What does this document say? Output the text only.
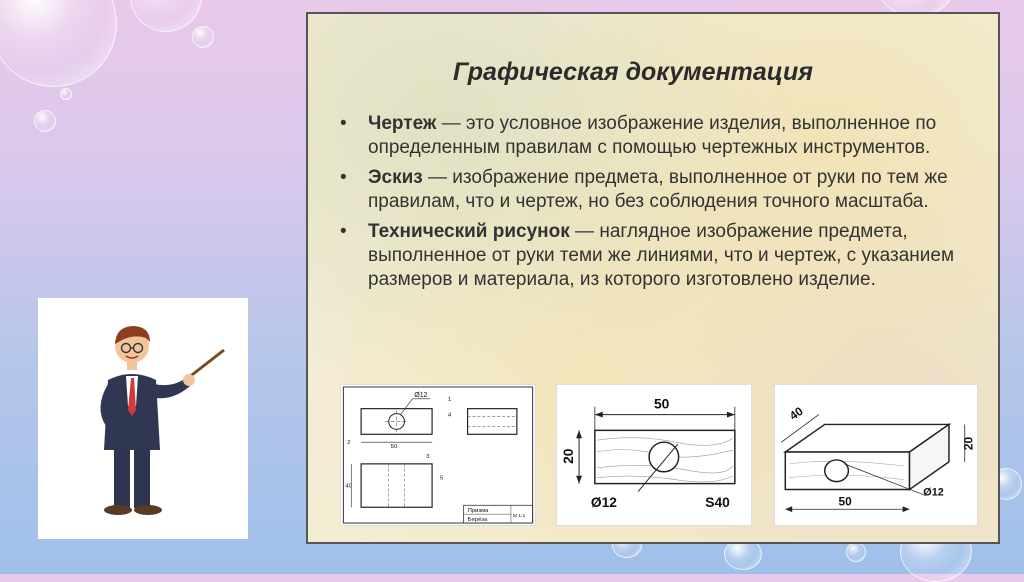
Графическая документация
• Чертеж — это условное изображение изделия, выполненное по определенным правилам с помощью чертежных инструментов.
• Эскиз — изображение предмета, выполненное от руки по тем же правилам, что и чертеж, но без соблюдения точного масштаба.
• Технический рисунок — наглядное изображение предмета, выполненное от руки теми же линиями, что и чертеж, с указанием размеров и материала, из которого изготовлено изделие.
Ø12
50
1
2
3
4
5
40
Призма
Берёза
М 1:1
50
20
Ø12	S40
40
20
50
Ø12
